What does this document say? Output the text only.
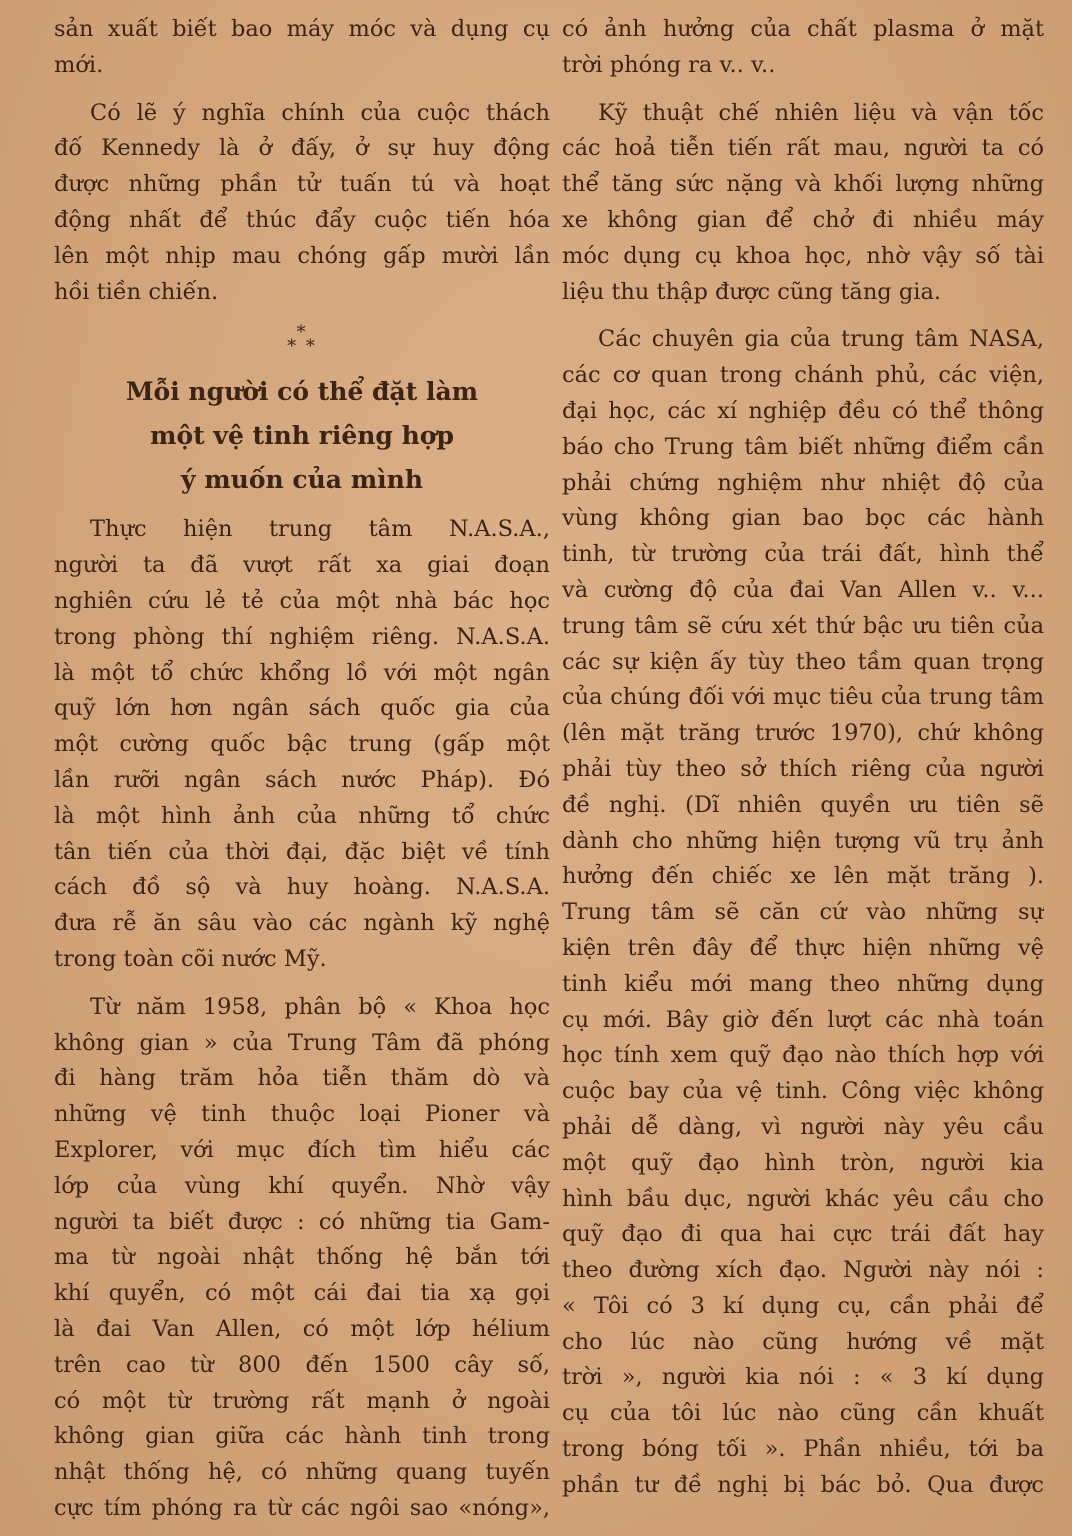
sản xuất biết bao máy móc và dụng cụ
mới.
Có lẽ ý nghĩa chính của cuộc thách
đố Kennedy là ở đấy, ở sự huy động
được những phần tử tuấn tú và hoạt
động nhất để thúc đẩy cuộc tiến hóa
lên một nhịp mau chóng gấp mười lần
hồi tiền chiến.
*
* *
Mỗi người có thể đặt làm
một vệ tinh riêng hợp
ý muốn của mình
Thực hiện trung tâm N.A.S.A.,
người ta đã vượt rất xa giai đoạn
nghiên cứu lẻ tẻ của một nhà bác học
trong phòng thí nghiệm riêng. N.A.S.A.
là một tổ chức khổng lồ với một ngân
quỹ lớn hơn ngân sách quốc gia của
một cường quốc bậc trung (gấp một
lần rưỡi ngân sách nước Pháp). Đó
là một hình ảnh của những tổ chức
tân tiến của thời đại, đặc biệt về tính
cách đồ sộ và huy hoàng. N.A.S.A.
đưa rễ ăn sâu vào các ngành kỹ nghệ
trong toàn cõi nước Mỹ.
Từ năm 1958, phân bộ « Khoa học
không gian » của Trung Tâm đã phóng
đi hàng trăm hỏa tiễn thăm dò và
những vệ tinh thuộc loại Pioner và
Explorer, với mục đích tìm hiểu các
lớp của vùng khí quyển. Nhờ vậy
người ta biết được : có những tia Gam-
ma từ ngoài nhật thống hệ bắn tới
khí quyển, có một cái đai tia xạ gọi
là đai Van Allen, có một lớp hélium
trên cao từ 800 đến 1500 cây số,
có một từ trường rất mạnh ở ngoài
không gian giữa các hành tinh trong
nhật thống hệ, có những quang tuyến
cực tím phóng ra từ các ngôi sao «nóng»,
có ảnh hưởng của chất plasma ở mặt
trời phóng ra v.. v..
Kỹ thuật chế nhiên liệu và vận tốc
các hoả tiễn tiến rất mau, người ta có
thể tăng sức nặng và khối lượng những
xe không gian để chở đi nhiều máy
móc dụng cụ khoa học, nhờ vậy số tài
liệu thu thập được cũng tăng gia.
Các chuyên gia của trung tâm NASA,
các cơ quan trong chánh phủ, các viện,
đại học, các xí nghiệp đều có thể thông
báo cho Trung tâm biết những điểm cần
phải chứng nghiệm như nhiệt độ của
vùng không gian bao bọc các hành
tinh, từ trường của trái đất, hình thể
và cường độ của đai Van Allen v.. v...
trung tâm sẽ cứu xét thứ bậc ưu tiên của
các sự kiện ấy tùy theo tầm quan trọng
của chúng đối với mục tiêu của trung tâm
(lên mặt trăng trước 1970), chứ không
phải tùy theo sở thích riêng của người
đề nghị. (Dĩ nhiên quyền ưu tiên sẽ
dành cho những hiện tượng vũ trụ ảnh
hưởng đến chiếc xe lên mặt trăng ).
Trung tâm sẽ căn cứ vào những sự
kiện trên đây để thực hiện những vệ
tinh kiểu mới mang theo những dụng
cụ mới. Bây giờ đến lượt các nhà toán
học tính xem quỹ đạo nào thích hợp với
cuộc bay của vệ tinh. Công việc không
phải dễ dàng, vì người này yêu cầu
một quỹ đạo hình tròn, người kia
hình bầu dục, người khác yêu cầu cho
quỹ đạo đi qua hai cực trái đất hay
theo đường xích đạo. Người này nói :
« Tôi có 3 kí dụng cụ, cần phải để
cho lúc nào cũng hướng về mặt
trời », người kia nói : « 3 kí dụng
cụ của tôi lúc nào cũng cần khuất
trong bóng tối ». Phần nhiều, tới ba
phần tư đề nghị bị bác bỏ. Qua được
